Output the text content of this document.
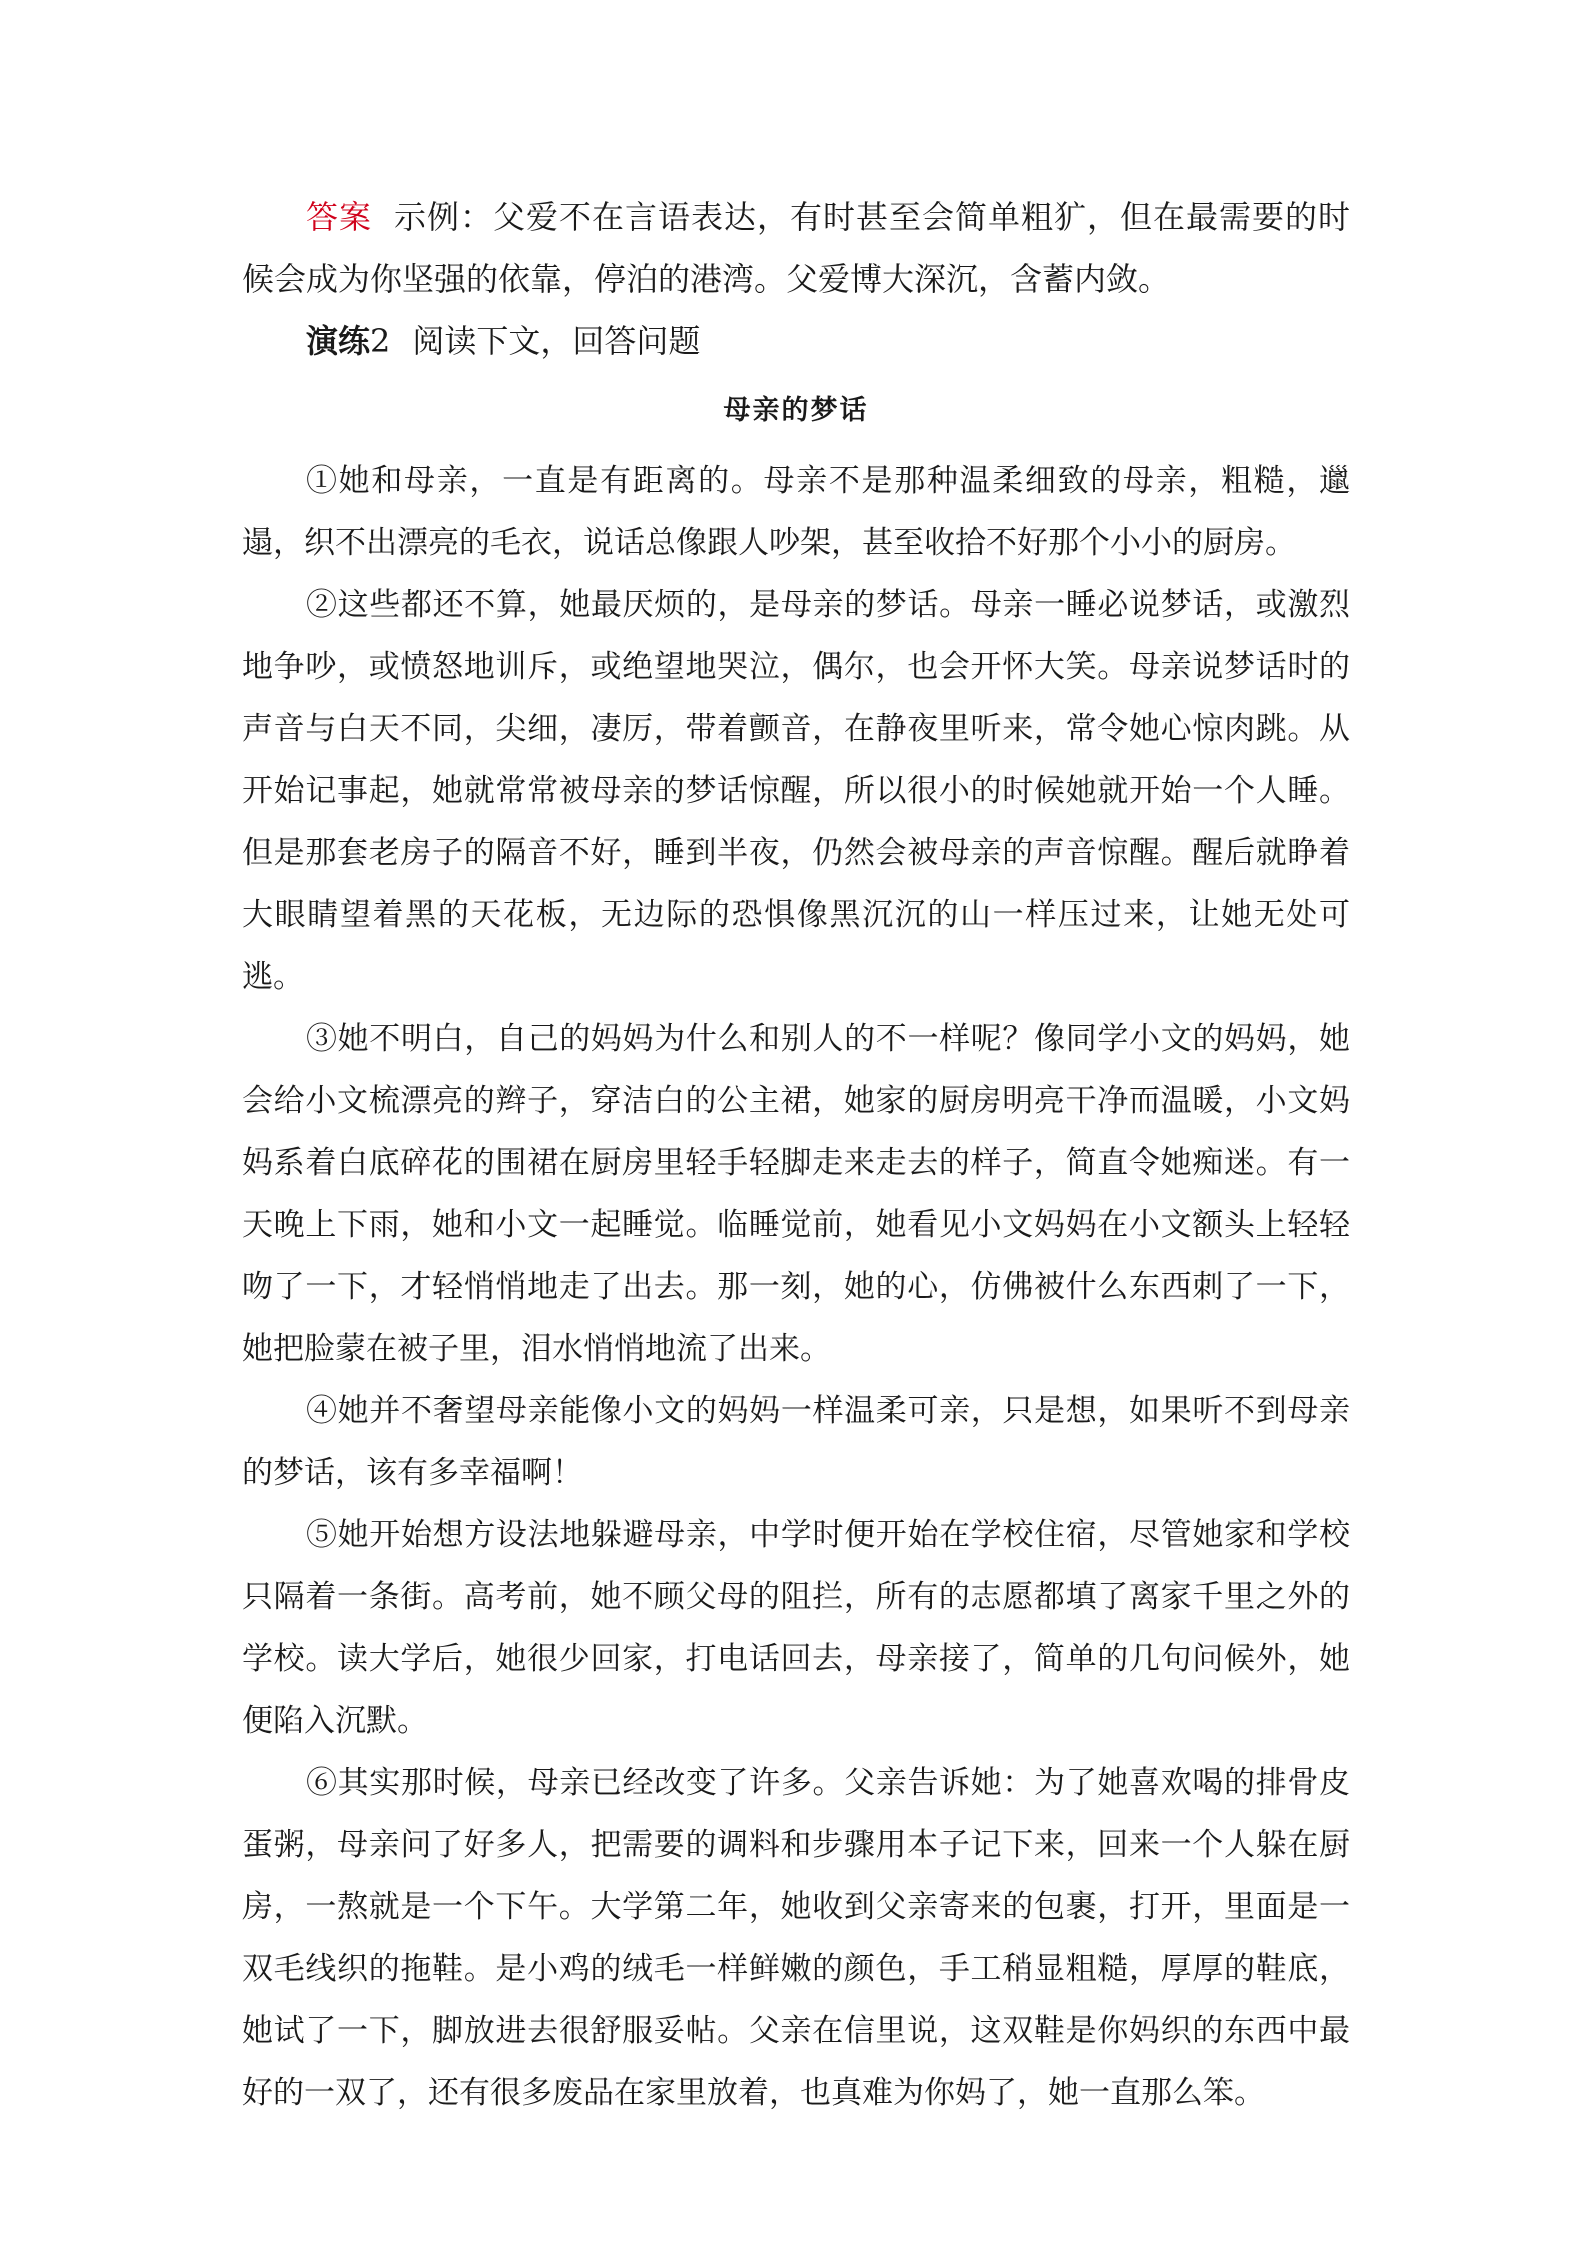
答案 示例：父爱不在言语表达，有时甚至会简单粗犷，但在最需要的时候会成为你坚强的依靠，停泊的港湾。父爱博大深沉，含蓄内敛。

演练2 阅读下文，回答问题

母亲的梦话

①她和母亲，一直是有距离的。母亲不是那种温柔细致的母亲，粗糙，邋遢，织不出漂亮的毛衣，说话总像跟人吵架，甚至收拾不好那个小小的厨房。

②这些都还不算，她最厌烦的，是母亲的梦话。母亲一睡必说梦话，或激烈地争吵，或愤怒地训斥，或绝望地哭泣，偶尔，也会开怀大笑。母亲说梦话时的声音与白天不同，尖细，凄厉，带着颤音，在静夜里听来，常令她心惊肉跳。从开始记事起，她就常常被母亲的梦话惊醒，所以很小的时候她就开始一个人睡。但是那套老房子的隔音不好，睡到半夜，仍然会被母亲的声音惊醒。醒后就睁着大眼睛望着黑的天花板，无边际的恐惧像黑沉沉的山一样压过来，让她无处可逃。

③她不明白，自己的妈妈为什么和别人的不一样呢？像同学小文的妈妈，她会给小文梳漂亮的辫子，穿洁白的公主裙，她家的厨房明亮干净而温暖，小文妈妈系着白底碎花的围裙在厨房里轻手轻脚走来走去的样子，简直令她痴迷。有一天晚上下雨，她和小文一起睡觉。临睡觉前，她看见小文妈妈在小文额头上轻轻吻了一下，才轻悄悄地走了出去。那一刻，她的心，仿佛被什么东西刺了一下，她把脸蒙在被子里，泪水悄悄地流了出来。

④她并不奢望母亲能像小文的妈妈一样温柔可亲，只是想，如果听不到母亲的梦话，该有多幸福啊！

⑤她开始想方设法地躲避母亲，中学时便开始在学校住宿，尽管她家和学校只隔着一条街。高考前，她不顾父母的阻拦，所有的志愿都填了离家千里之外的学校。读大学后，她很少回家，打电话回去，母亲接了，简单的几句问候外，她便陷入沉默。

⑥其实那时候，母亲已经改变了许多。父亲告诉她：为了她喜欢喝的排骨皮蛋粥，母亲问了好多人，把需要的调料和步骤用本子记下来，回来一个人躲在厨房，一熬就是一个下午。大学第二年，她收到父亲寄来的包裹，打开，里面是一双毛线织的拖鞋。是小鸡的绒毛一样鲜嫩的颜色，手工稍显粗糙，厚厚的鞋底，她试了一下，脚放进去很舒服妥帖。父亲在信里说，这双鞋是你妈织的东西中最好的一双了，还有很多废品在家里放着，也真难为你妈了，她一直那么笨。
